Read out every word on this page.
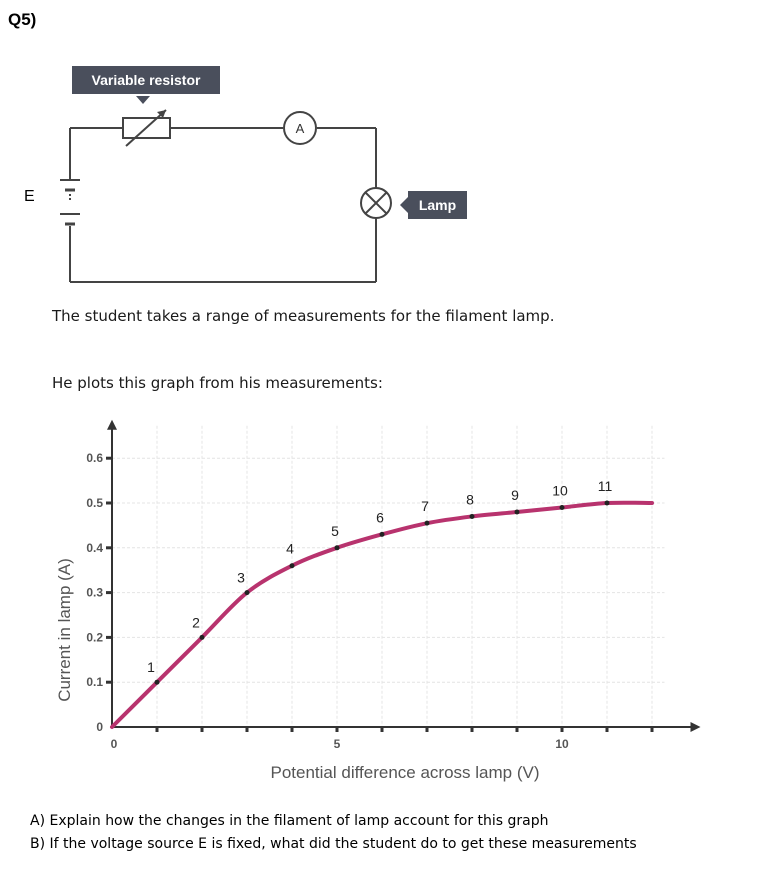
Q5)
A
Variable resistor
Lamp
E
The student takes a range of measurements for the filament lamp.
He plots this graph from his measurements:
0	5	10
0
0.1
0.2
0.3
0.4
0.5
0.6
1
2
3
4
5
6
7	8	9 10 11
Potential difference across lamp (V)
Current in lamp (A)
A) Explain how the changes in the filament of lamp account for this graph
B) If the voltage source E is fixed, what did the student do to get these measurements
